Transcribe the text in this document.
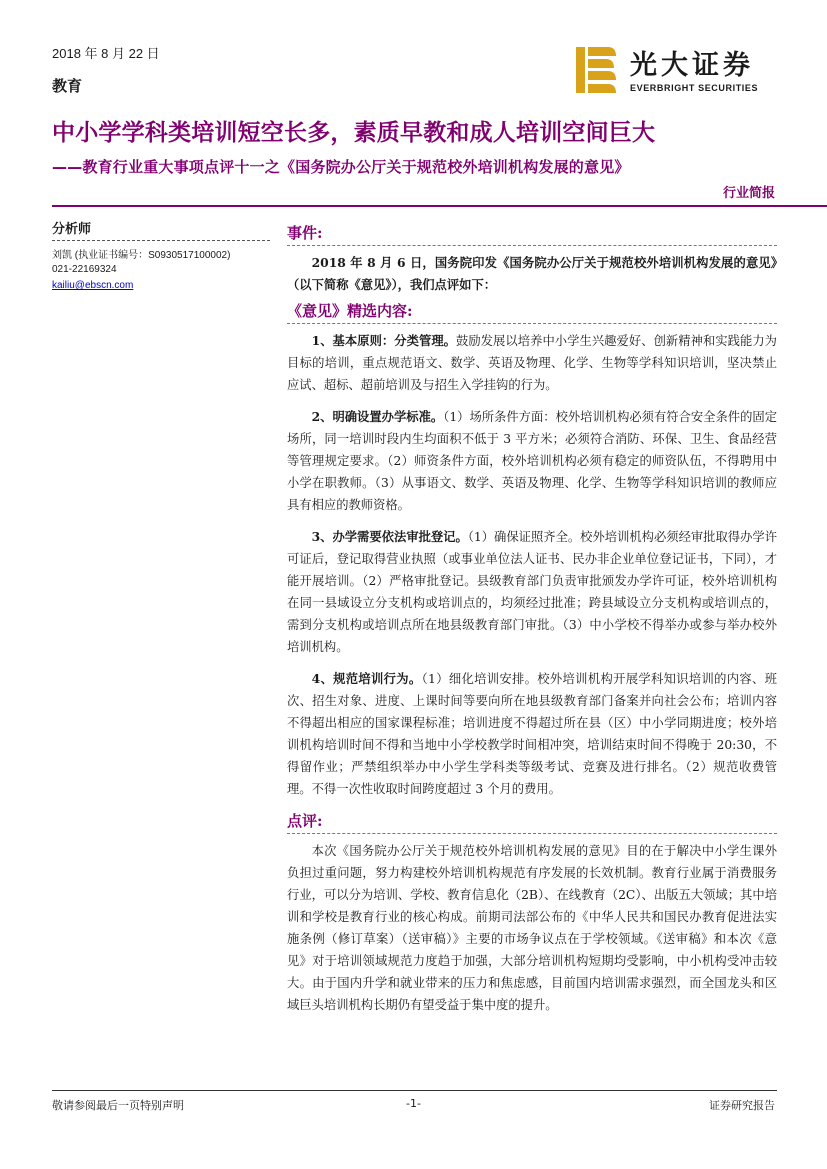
2018 年 8 月 22 日
教育
光大证券
EVERBRIGHT SECURITIES
中小学学科类培训短空长多，素质早教和成人培训空间巨大
——教育行业重大事项点评十一之《国务院办公厅关于规范校外培训机构发展的意见》
行业简报
分析师
刘凯 (执业证书编号：S0930517100002)
021-22169324
kailiu@ebscn.com
事件:

2018 年 8 月 6 日，国务院印发《国务院办公厅关于规范校外培训机构发展的意见》（以下简称《意见》），我们点评如下：

《意见》精选内容:

1、基本原则：分类管理。鼓励发展以培养中小学生兴趣爱好、创新精神和实践能力为目标的培训，重点规范语文、数学、英语及物理、化学、生物等学科知识培训，坚决禁止应试、超标、超前培训及与招生入学挂钩的行为。

2、明确设置办学标准。（1）场所条件方面：校外培训机构必须有符合安全条件的固定场所，同一培训时段内生均面积不低于 3 平方米；必须符合消防、环保、卫生、食品经营等管理规定要求。（2）师资条件方面，校外培训机构必须有稳定的师资队伍，不得聘用中小学在职教师。（3）从事语文、数学、英语及物理、化学、生物等学科知识培训的教师应具有相应的教师资格。

3、办学需要依法审批登记。（1）确保证照齐全。校外培训机构必须经审批取得办学许可证后，登记取得营业执照（或事业单位法人证书、民办非企业单位登记证书，下同），才能开展培训。（2）严格审批登记。县级教育部门负责审批颁发办学许可证，校外培训机构在同一县域设立分支机构或培训点的，均须经过批准；跨县域设立分支机构或培训点的，需到分支机构或培训点所在地县级教育部门审批。（3）中小学校不得举办或参与举办校外培训机构。

4、规范培训行为。（1）细化培训安排。校外培训机构开展学科知识培训的内容、班次、招生对象、进度、上课时间等要向所在地县级教育部门备案并向社会公布；培训内容不得超出相应的国家课程标准；培训进度不得超过所在县（区）中小学同期进度；校外培训机构培训时间不得和当地中小学校教学时间相冲突，培训结束时间不得晚于 20:30，不得留作业；严禁组织举办中小学生学科类等级考试、竞赛及进行排名。（2）规范收费管理。不得一次性收取时间跨度超过 3 个月的费用。

点评:

本次《国务院办公厅关于规范校外培训机构发展的意见》目的在于解决中小学生课外负担过重问题，努力构建校外培训机构规范有序发展的长效机制。教育行业属于消费服务行业，可以分为培训、学校、教育信息化（2B）、在线教育（2C）、出版五大领域；其中培训和学校是教育行业的核心构成。前期司法部公布的《中华人民共和国民办教育促进法实施条例（修订草案）（送审稿）》主要的市场争议点在于学校领域。《送审稿》和本次《意见》对于培训领域规范力度趋于加强，大部分培训机构短期均受影响，中小机构受冲击较大。由于国内升学和就业带来的压力和焦虑感，目前国内培训需求强烈，而全国龙头和区域巨头培训机构长期仍有望受益于集中度的提升。

敬请参阅最后一页特别声明	-1-	证券研究报告
